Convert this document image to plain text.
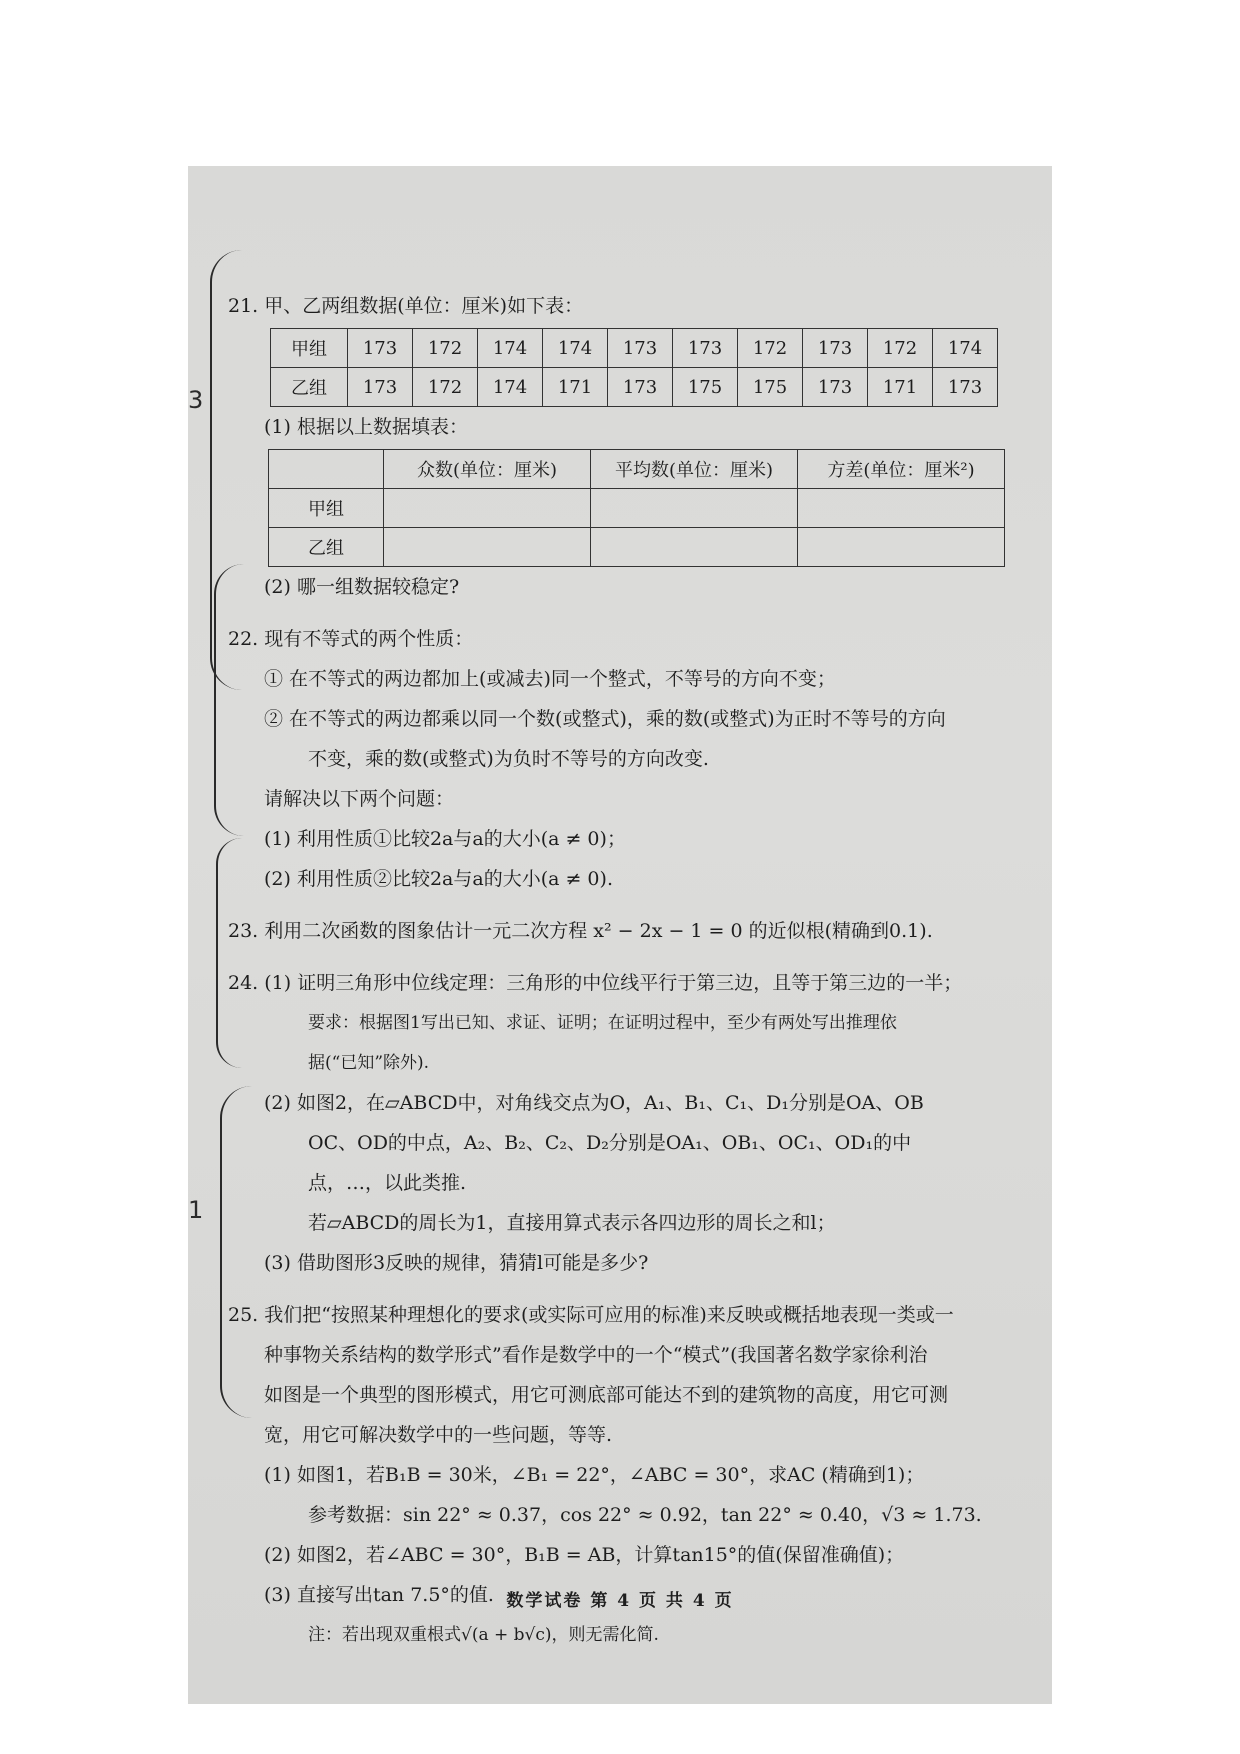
3
1
21. 甲、乙两组数据(单位：厘米)如下表：
甲组	173	172	174	174	173	173	172	173	172	174
乙组	173	172	174	171	173	175	175	173	171	173
(1) 根据以上数据填表：
	众数(单位：厘米)	平均数(单位：厘米)	方差(单位：厘米²)
甲组			
乙组			
(2) 哪一组数据较稳定?
22. 现有不等式的两个性质：
① 在不等式的两边都加上(或减去)同一个整式，不等号的方向不变；
② 在不等式的两边都乘以同一个数(或整式)，乘的数(或整式)为正时不等号的方向
不变，乘的数(或整式)为负时不等号的方向改变.
请解决以下两个问题：
(1) 利用性质①比较2a与a的大小(a ≠ 0)；
(2) 利用性质②比较2a与a的大小(a ≠ 0).
23. 利用二次函数的图象估计一元二次方程 x² − 2x − 1 = 0 的近似根(精确到0.1).
24. (1) 证明三角形中位线定理：三角形的中位线平行于第三边，且等于第三边的一半；
要求：根据图1写出已知、求证、证明；在证明过程中，至少有两处写出推理依
据(“已知”除外).
(2) 如图2，在▱ABCD中，对角线交点为O，A₁、B₁、C₁、D₁分别是OA、OB
OC、OD的中点，A₂、B₂、C₂、D₂分别是OA₁、OB₁、OC₁、OD₁的中
点，…，以此类推.
若▱ABCD的周长为1，直接用算式表示各四边形的周长之和l；
(3) 借助图形3反映的规律，猜猜l可能是多少?
25. 我们把“按照某种理想化的要求(或实际可应用的标准)来反映或概括地表现一类或一
种事物关系结构的数学形式”看作是数学中的一个“模式”(我国著名数学家徐利治
如图是一个典型的图形模式，用它可测底部可能达不到的建筑物的高度，用它可测
宽，用它可解决数学中的一些问题，等等.
(1) 如图1，若B₁B = 30米，∠B₁ = 22°，∠ABC = 30°，求AC (精确到1)；
参考数据：sin 22° ≈ 0.37，cos 22° ≈ 0.92，tan 22° ≈ 0.40，√3 ≈ 1.73.
(2) 如图2，若∠ABC = 30°，B₁B = AB，计算tan15°的值(保留准确值)；
(3) 直接写出tan 7.5°的值.
注：若出现双重根式√(a + b√c)，则无需化简.
数学试卷 第 4 页 共 4 页
